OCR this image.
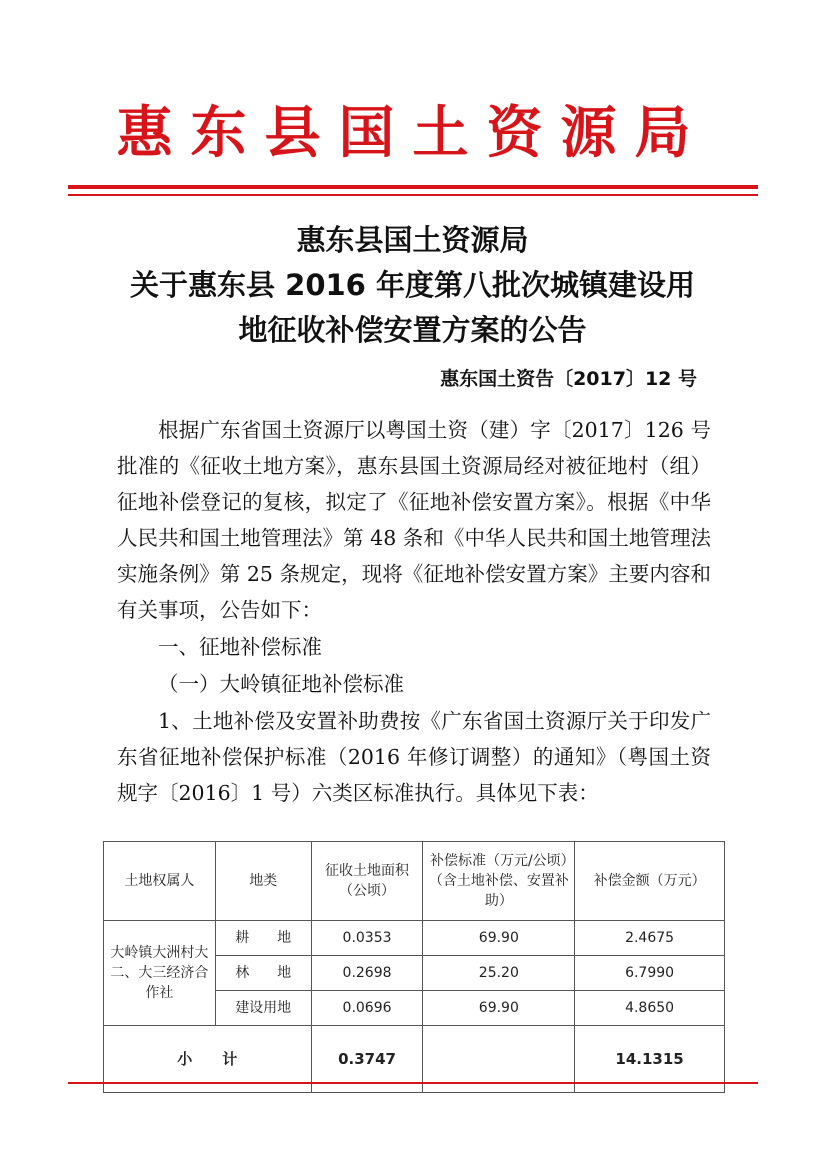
惠东县国土资源局
惠东县国土资源局
关于惠东县 2016 年度第八批次城镇建设用
地征收补偿安置方案的公告
惠东国土资告〔2017〕12 号
根据广东省国土资源厅以粤国土资（建）字〔2017〕126 号批准的《征收土地方案》，惠东县国土资源局经对被征地村（组）征地补偿登记的复核，拟定了《征地补偿安置方案》。根据《中华人民共和国土地管理法》第 48 条和《中华人民共和国土地管理法实施条例》第 25 条规定，现将《征地补偿安置方案》主要内容和有关事项，公告如下：
一、征地补偿标准
（一）大岭镇征地补偿标准
1、土地补偿及安置补助费按《广东省国土资源厅关于印发广东省征地补偿保护标准（2016 年修订调整）的通知》（粤国土资规字〔2016〕1 号）六类区标准执行。具体见下表：
土地权属人	地类	征收土地面积（公顷）	补偿标准（万元/公顷）（含土地补偿、安置补助）	补偿金额（万元）
大岭镇大洲村大二、大三经济合作社	耕　　地	0.0353	69.90	2.4675
	林　　地	0.2698	25.20	6.7990
	建设用地	0.0696	69.90	4.8650
小　　计		0.3747		14.1315
